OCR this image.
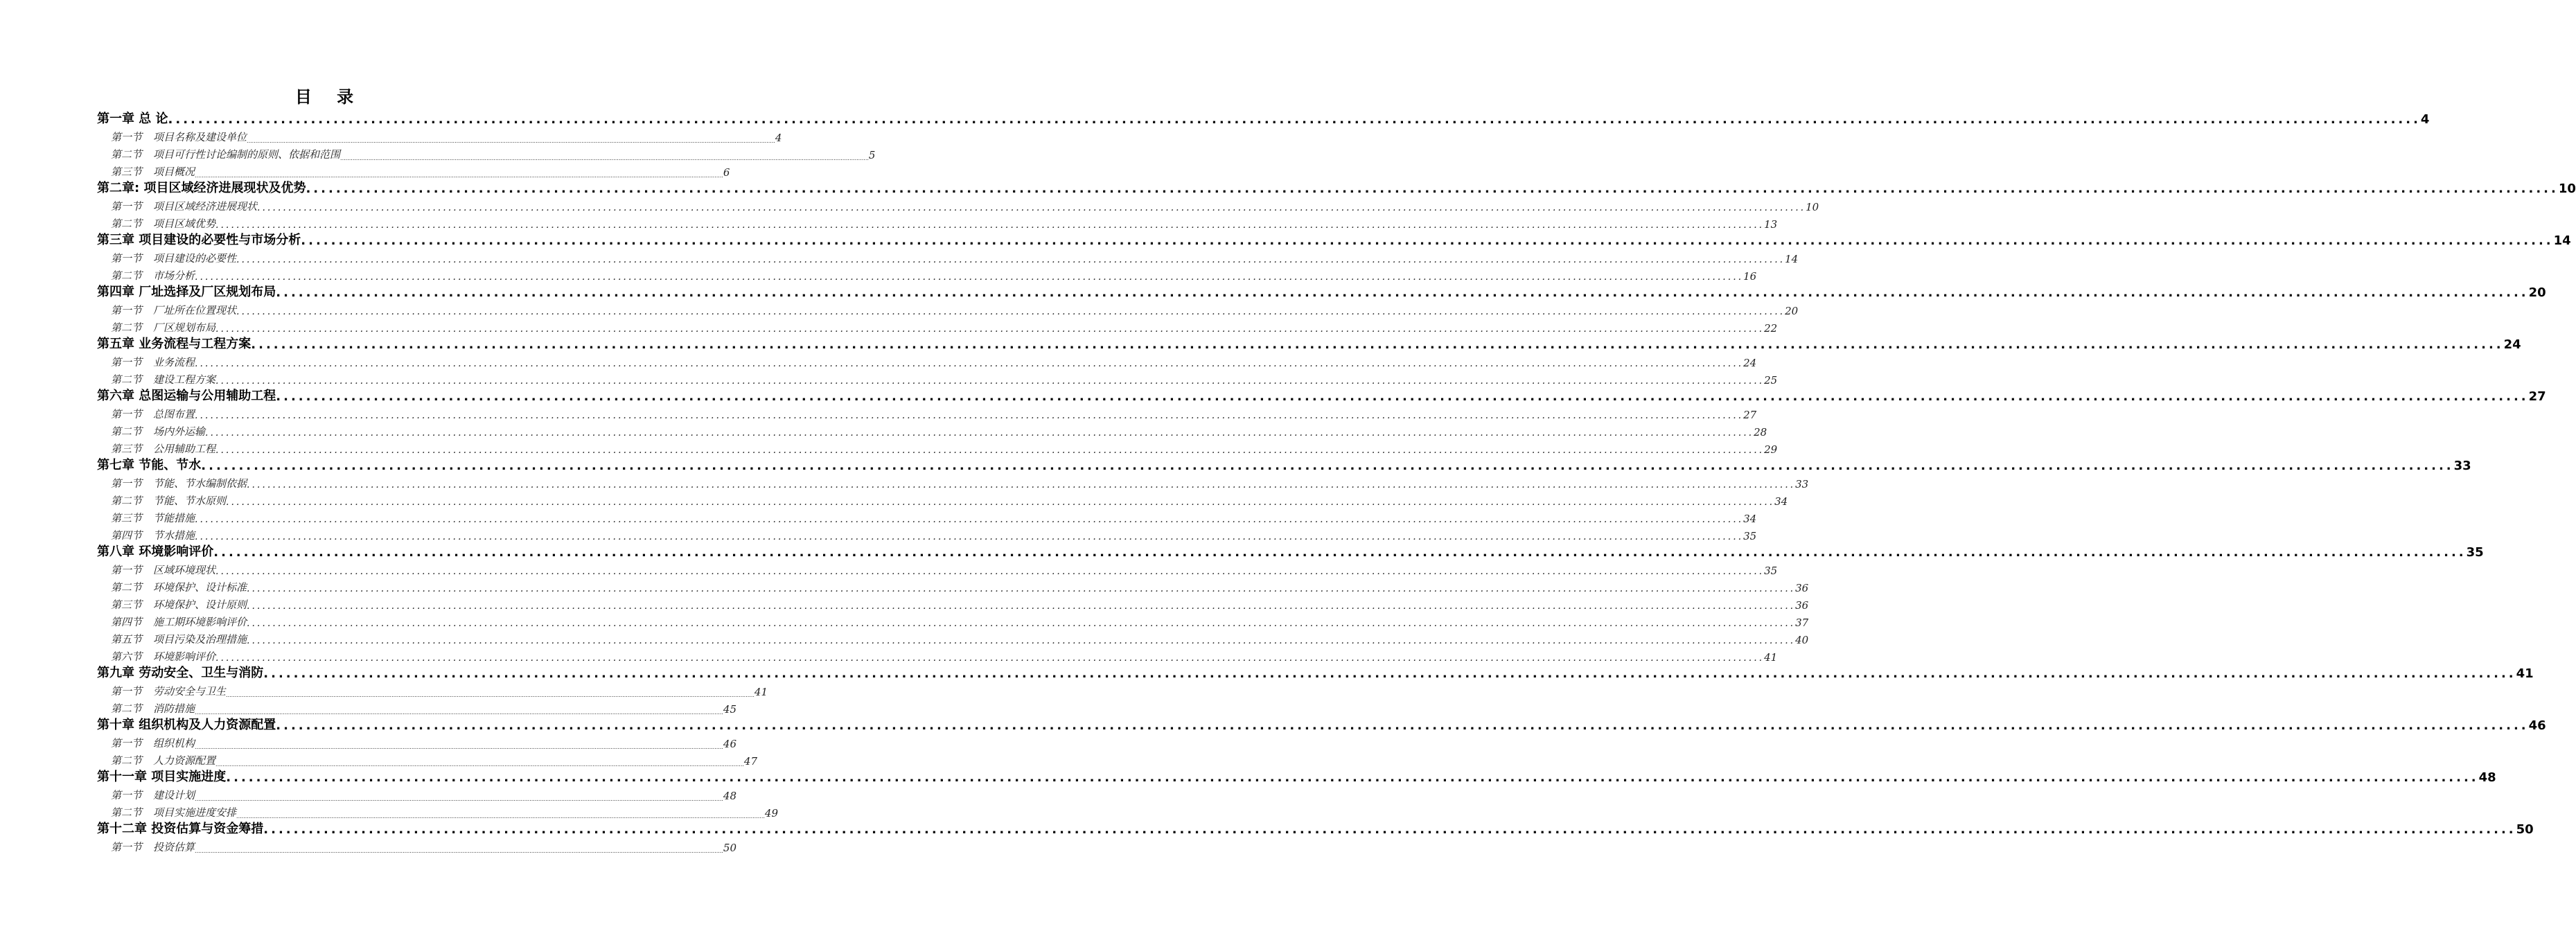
目 录
第一章 总 论 ............................................................................................................................................................................................................................................................................................................ 4
第一节 项目名称及建设单位 ............................................................................................................................................................................................................................................................................................................ 4
第二节 项目可行性讨论编制的原则、依据和范围 ............................................................................................................................................................................................................................................................................................................ 5
第三节 项目概况 ............................................................................................................................................................................................................................................................................................................ 6
第二章: 项目区域经济进展现状及优势 ............................................................................................................................................................................................................................................................................................................ 10
第一节 项目区域经济进展现状 ............................................................................................................................................................................................................................................................................................................ 10
第二节 项目区域优势 ............................................................................................................................................................................................................................................................................................................ 13
第三章 项目建设的必要性与市场分析 ............................................................................................................................................................................................................................................................................................................ 14
第一节 项目建设的必要性 ............................................................................................................................................................................................................................................................................................................ 14
第二节 市场分析 ............................................................................................................................................................................................................................................................................................................ 16
第四章 厂址选择及厂区规划布局 ............................................................................................................................................................................................................................................................................................................ 20
第一节 厂址所在位置现状 ............................................................................................................................................................................................................................................................................................................ 20
第二节 厂区规划布局 ............................................................................................................................................................................................................................................................................................................ 22
第五章 业务流程与工程方案 ............................................................................................................................................................................................................................................................................................................ 24
第一节 业务流程 ............................................................................................................................................................................................................................................................................................................ 24
第二节 建设工程方案 ............................................................................................................................................................................................................................................................................................................ 25
第六章 总图运输与公用辅助工程 ............................................................................................................................................................................................................................................................................................................ 27
第一节 总图布置 ............................................................................................................................................................................................................................................................................................................ 27
第二节 场内外运输 ............................................................................................................................................................................................................................................................................................................ 28
第三节 公用辅助工程 ............................................................................................................................................................................................................................................................................................................ 29
第七章 节能、节水 ............................................................................................................................................................................................................................................................................................................ 33
第一节 节能、节水编制依据 ............................................................................................................................................................................................................................................................................................................ 33
第二节 节能、节水原则 ............................................................................................................................................................................................................................................................................................................ 34
第三节 节能措施 ............................................................................................................................................................................................................................................................................................................ 34
第四节 节水措施 ............................................................................................................................................................................................................................................................................................................ 35
第八章 环境影响评价 ............................................................................................................................................................................................................................................................................................................ 35
第一节 区域环境现状 ............................................................................................................................................................................................................................................................................................................ 35
第二节 环境保护、设计标准 ............................................................................................................................................................................................................................................................................................................ 36
第三节 环境保护、设计原则 ............................................................................................................................................................................................................................................................................................................ 36
第四节 施工期环境影响评价 ............................................................................................................................................................................................................................................................................................................ 37
第五节 项目污染及治理措施 ............................................................................................................................................................................................................................................................................................................ 40
第六节 环境影响评价 ............................................................................................................................................................................................................................................................................................................ 41
第九章 劳动安全、卫生与消防 ............................................................................................................................................................................................................................................................................................................ 41
第一节 劳动安全与卫生 ............................................................................................................................................................................................................................................................................................................ 41
第二节 消防措施 ............................................................................................................................................................................................................................................................................................................ 45
第十章 组织机构及人力资源配置 ............................................................................................................................................................................................................................................................................................................ 46
第一节 组织机构 ............................................................................................................................................................................................................................................................................................................ 46
第二节 人力资源配置 ............................................................................................................................................................................................................................................................................................................ 47
第十一章 项目实施进度 ............................................................................................................................................................................................................................................................................................................ 48
第一节 建设计划 ............................................................................................................................................................................................................................................................................................................ 48
第二节 项目实施进度安排 ............................................................................................................................................................................................................................................................................................................ 49
第十二章 投资估算与资金筹措 ............................................................................................................................................................................................................................................................................................................ 50
第一节 投资估算 ............................................................................................................................................................................................................................................................................................................ 50
